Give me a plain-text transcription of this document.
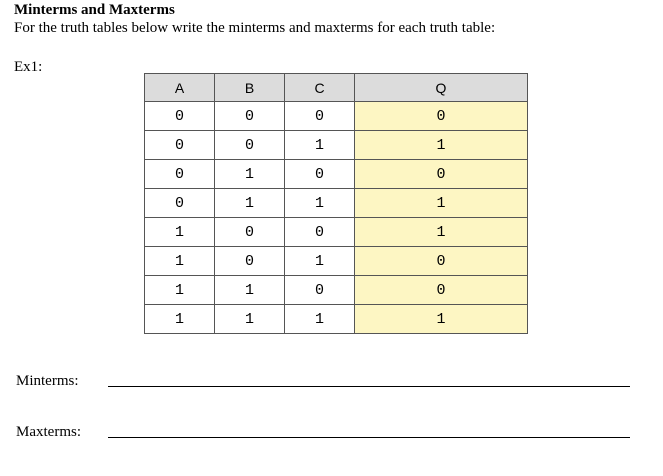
Minterms and Maxterms
For the truth tables below write the minterms and maxterms for each truth table:
Ex1:
A	B	C	Q
0	0	0	0
0	0	1	1
0	1	0	0
0	1	1	1
1	0	0	1
1	0	1	0
1	1	0	0
1	1	1	1
Minterms:
Maxterms:
